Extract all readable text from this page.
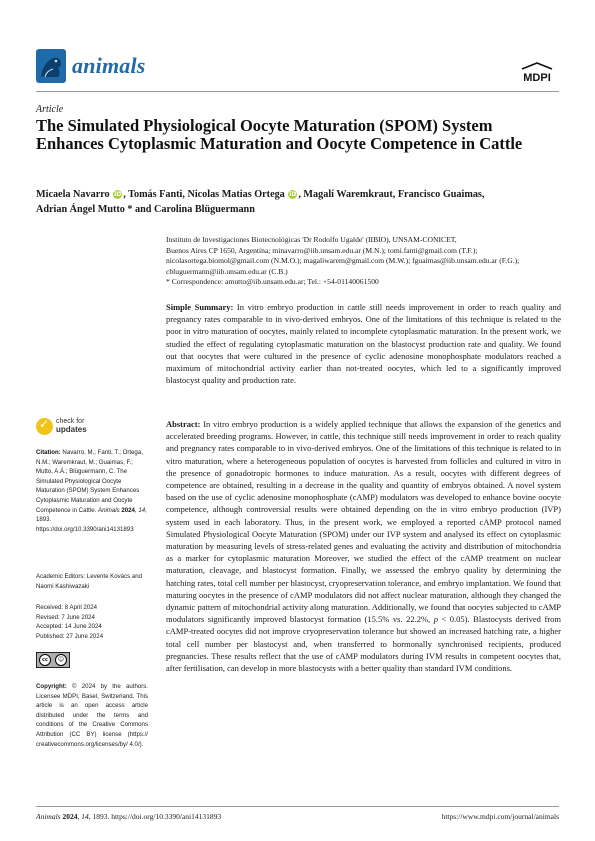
animals	MDPI
Article
The Simulated Physiological Oocyte Maturation (SPOM) System Enhances Cytoplasmic Maturation and Oocyte Competence in Cattle
Micaela Navarro iD , Tomás Fanti, Nicolas Matias Ortega iD , Magalí Waremkraut, Francisco Guaimas,
Adrian Ángel Mutto * and Carolina Blüguermann
Instituto de Investigaciones Biotecnológicas 'Dr Rodolfo Ugalde' (IIBIO), UNSAM-CONICET,
Buenos Aires CP 1650, Argentina; minavarro@iib.unsam.edu.ar (M.N.); tomi.fanti@gmail.com (T.F.);
nicolasortega.biomol@gmail.com (N.M.O.); magaliwarem@gmail.com (M.W.); fguaimas@iib.unsam.edu.ar (F.G.);
cbluguermann@iib.unsam.edu.ar (C.B.)
* Correspondence: amutto@iib.unsam.edu.ar; Tel.: +54-01140061500
Simple Summary: In vitro embryo production in cattle still needs improvement in order to reach quality and pregnancy rates comparable to in vivo-derived embryos. One of the limitations of this technique is related to the poor in vitro maturation of oocytes, mainly related to incomplete cytoplasmatic maturation. In the present work, we studied the effect of regulating cytoplasmatic maturation on the blastocyst production rate and quality. We found out that oocytes that were cultured in the presence of cyclic adenosine monophosphate modulators reached a maximum of mitochondrial activity earlier than not-treated oocytes, which led to a significantly improved blastocyst quality and production rate.
Abstract: In vitro embryo production is a widely applied technique that allows the expansion of the genetics and accelerated breeding programs. However, in cattle, this technique still needs improvement in order to reach quality and pregnancy rates comparable to in vivo-derived embryos. One of the limitations of this technique is related to in vitro maturation, where a heterogeneous population of oocytes is harvested from follicles and cultured in vitro in the presence of gonadotropic hormones to induce maturation. As a result, oocytes with different degrees of competence are obtained, resulting in a decrease in the quality and quantity of embryos obtained. A novel system based on the use of cyclic adenosine monophosphate (cAMP) modulators was developed to enhance bovine oocyte competence, although controversial results were obtained depending on the in vitro embryo production (IVP) system used in each laboratory. Thus, in the present work, we employed a reported cAMP protocol named Simulated Physiological Oocyte Maturation (SPOM) under our IVP system and analysed its effect on cytoplasmic maturation by measuring levels of stress-related genes and evaluating the activity and distribution of mitochondria as a marker for cytoplasmic maturation Moreover, we studied the effect of the cAMP treatment on nuclear maturation, cleavage, and blastocyst formation. Finally, we assessed the embryo quality by determining the hatching rates, total cell number per blastocyst, cryopreservation tolerance, and embryo implantation. We found that maturing oocytes in the presence of cAMP modulators did not affect nuclear maturation, although they changed the dynamic pattern of mitochondrial activity along maturation. Additionally, we found that oocytes subjected to cAMP modulators significantly improved blastocyst formation (15.5% vs. 22.2%, p < 0.05). Blastocysts derived from cAMP-treated oocytes did not improve cryopreservation tolerance but showed an increased hatching rate, a higher total cell number per blastocyst and, when transferred to hormonally synchronised recipients, produced pregnancies. These results reflect that the use of cAMP modulators during IVM results in competent oocytes that, after fertilisation, can develop in more blastocysts with a better quality than standard IVM conditions.
✓
check for
updates
Citation: Navarro, M.; Fanti, T.; Ortega, N.M.; Waremkraut, M.; Guaimas, F.; Mutto, A.Á.; Blüguermann, C. The Simulated Physiological Oocyte Maturation (SPOM) System Enhances Cytoplasmic Maturation and Oocyte Competence in Cattle. Animals 2024, 14, 1893. https://doi.org/10.3390/ani14131893
Academic Editors: Levente Kovács and Naomi Kashiwazaki
Received: 8 April 2024
Revised: 7 June 2024
Accepted: 14 June 2024
Published: 27 June 2024
cc	☺
Copyright: © 2024 by the authors. Licensee MDPI, Basel, Switzerland. This article is an open access article distributed under the terms and conditions of the Creative Commons Attribution (CC BY) license (https:// creativecommons.org/licenses/by/ 4.0/).
Animals 2024, 14, 1893. https://doi.org/10.3390/ani14131893	https://www.mdpi.com/journal/animals
